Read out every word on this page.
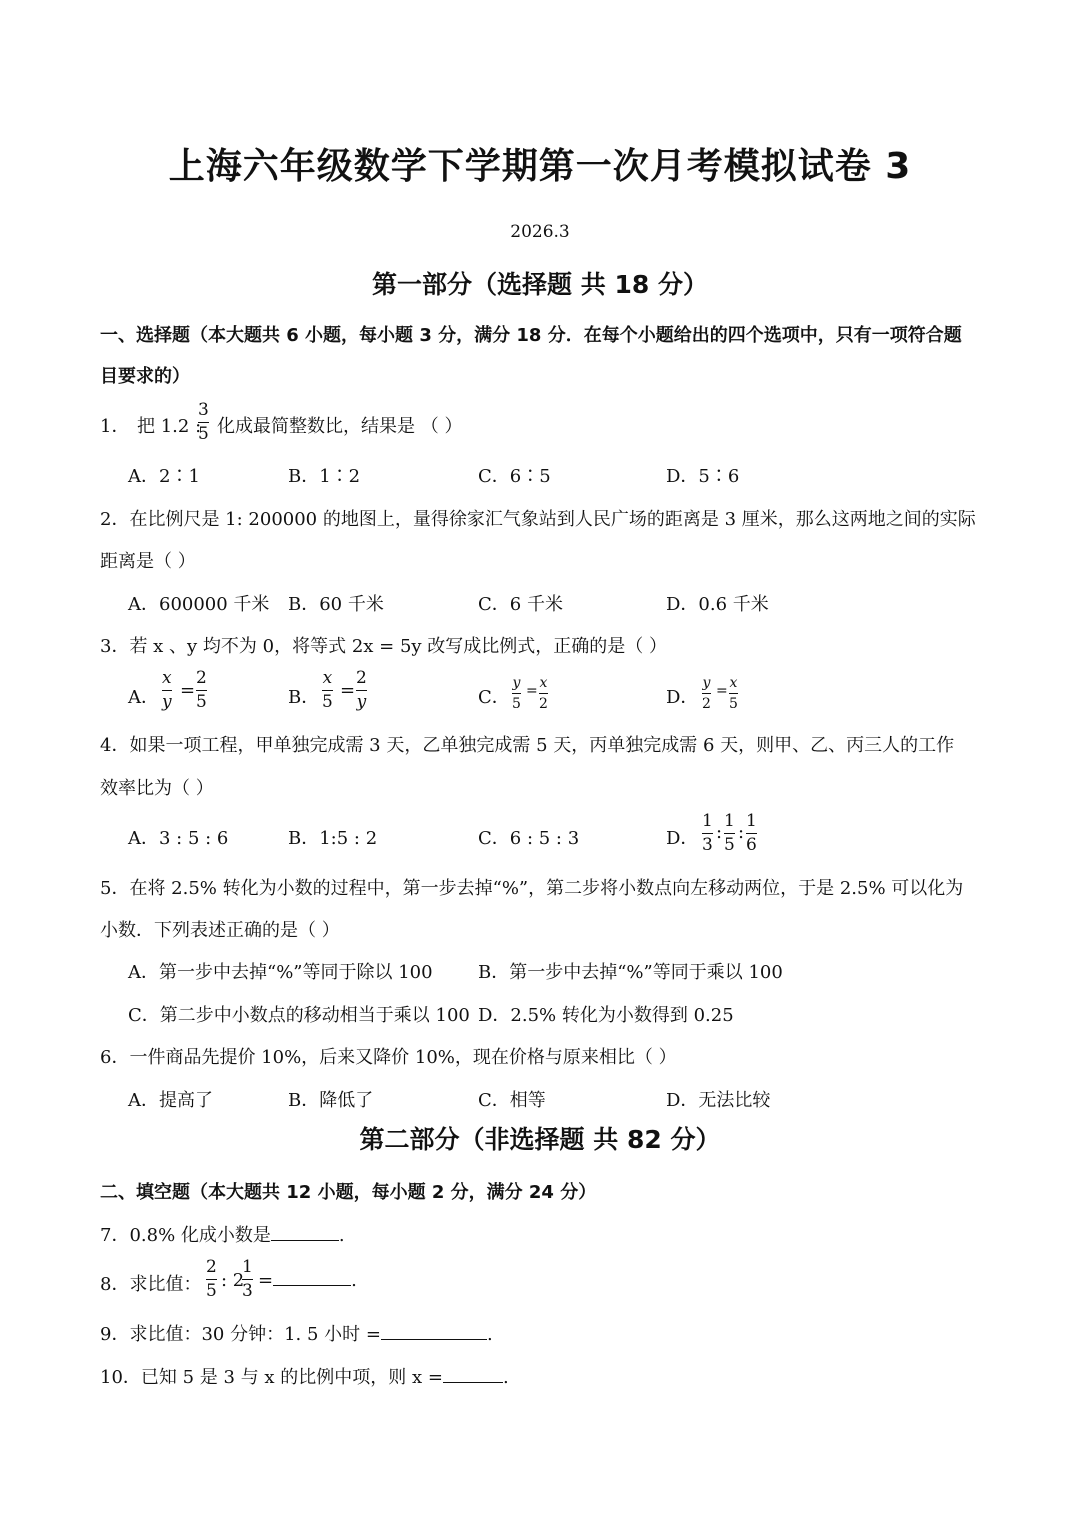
上海六年级数学下学期第一次月考模拟试卷 3
2026.3
第一部分（选择题 共 18 分）
一、选择题（本大题共 6 小题，每小题 3 分，满分 18 分．在每个小题给出的四个选项中，只有一项符合题
目要求的）
1． 把 1.2 :
3
5 化成最简整数比，结果是 （ ）
A．2∶1	B．1∶2	C．6∶5	D．5∶6
2．在比例尺是 1: 200000 的地图上，量得徐家汇气象站到人民广场的距离是 3 厘米，那么这两地之间的实际
距离是（ ）
A．600000 千米 B．60 千米	C．6 千米	D．0.6 千米
3．若 x 、y 均不为 0，将等式 2x = 5y 改写成比例式，正确的是（ ）
A．
x
y
=
2
5	B．
x
5
=
2
y	C．
y
5
= x
2	D．
y
2
= x
5
4．如果一项工程，甲单独完成需 3 天，乙单独完成需 5 天，丙单独完成需 6 天，则甲、乙、丙三人的工作
效率比为（ ）
A．3 : 5 : 6	B．1:5 : 2	C．6 : 5 : 3	D．
1
3
:
1
5
:
1
6
5．在将 2.5% 转化为小数的过程中，第一步去掉“%”，第二步将小数点向左移动两位，于是 2.5% 可以化为
小数．下列表述正确的是（ ）
A．第一步中去掉“%”等同于除以 100	B．第一步中去掉“%”等同于乘以 100
C．第二步中小数点的移动相当于乘以 100 D．2.5% 转化为小数得到 0.25
6．一件商品先提价 10%，后来又降价 10%，现在价格与原来相比（ ）
A．提高了	B．降低了	C．相等	D．无法比较
第二部分（非选择题 共 82 分）
二、填空题（本大题共 12 小题，每小题 2 分，满分 24 分）
7．0.8% 化成小数是	.
8．求比值：
2
5 : 2
1
3 =	.
9．求比值：30 分钟：1. 5 小时 =	.
10．已知 5 是 3 与 x 的比例中项，则 x =	.
